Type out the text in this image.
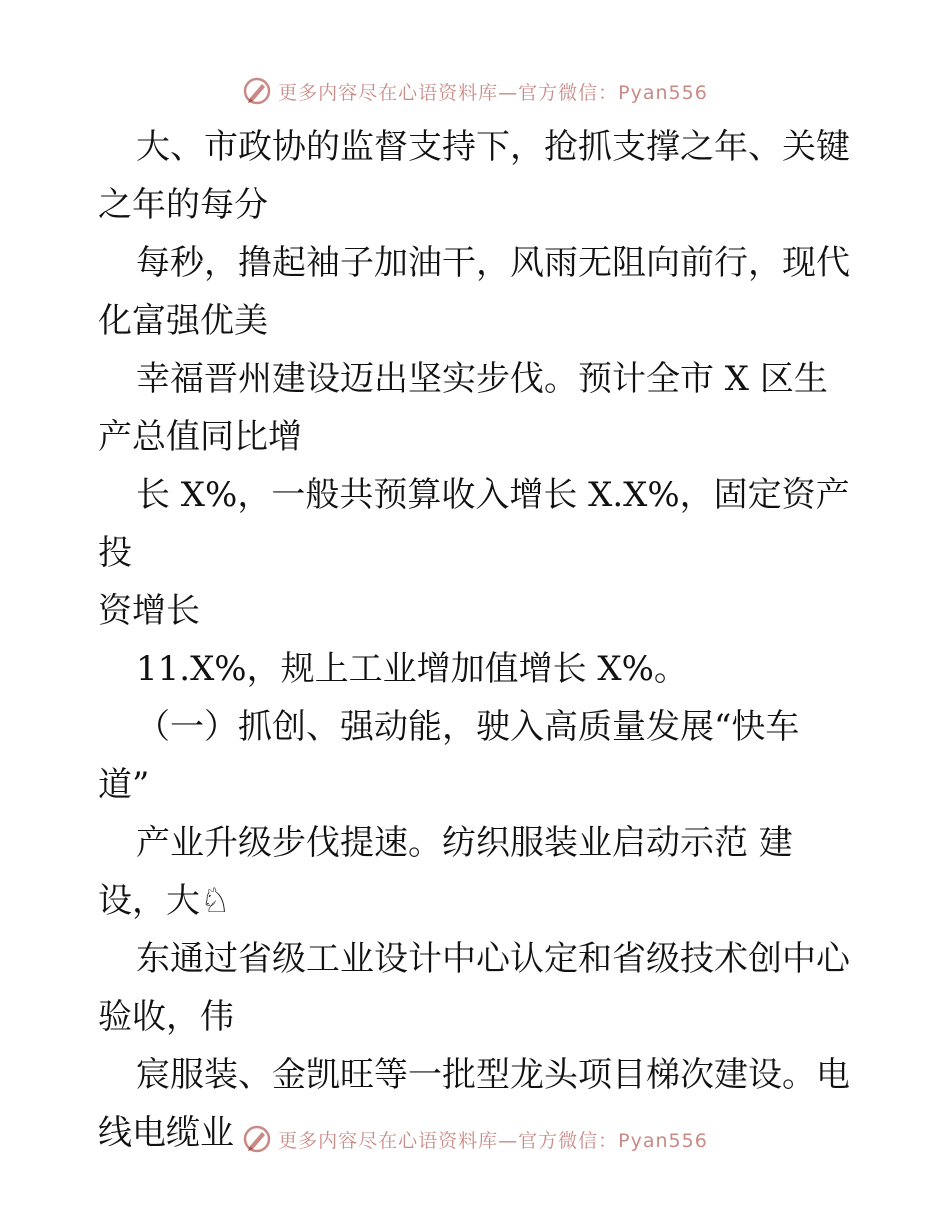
更多内容尽在心语资料库—官方微信：Pyan556

大、市政协的监督支持下，抢抓支撑之年、关键
之年的每分

每秒，撸起袖子加油干，风雨无阻向前行，现代
化富强优美

幸福晋州建设迈出坚实步伐。预计全市 X 区生
产总值同比增

长 X%，一般共预算收入增长 X.X%，固定资产投
资增长

11.X%，规上工业增加值增长 X%。

（一）抓创、强动能，驶入高质量发展“快车
道”

产业升级步伐提速。纺织服装业启动示范 建
设，大♘

东通过省级工业设计中心认定和省级技术创中心
验收，伟

宸服装、金凯旺等一批型龙头项目梯次建设。电
线电缆业	更多内容尽在心语资料库—官方微信：Pyan556
